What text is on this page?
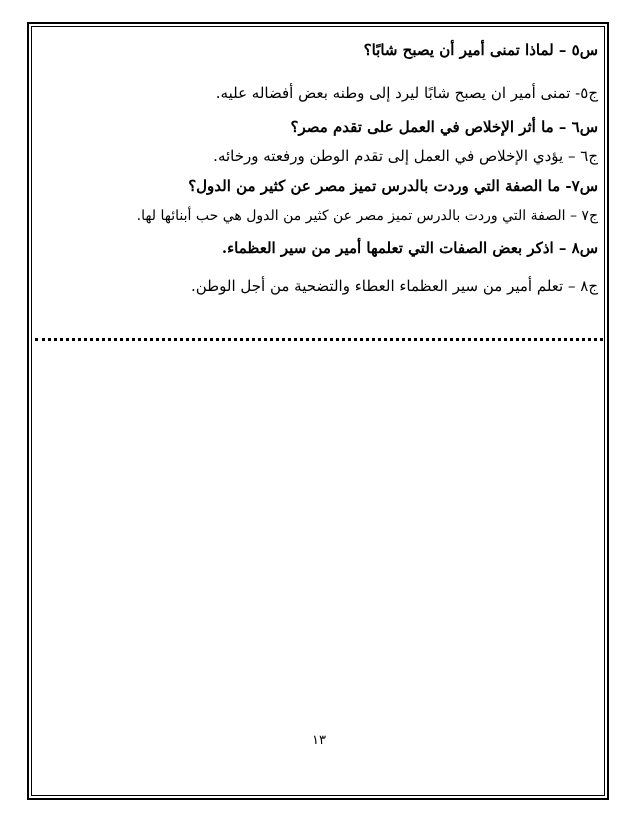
س٥ – لماذا تمنى أمير أن يصبح شابًا؟
ج٥- تمنى أمير ان يصبح شابًا ليرد إلى وطنه بعض أفضاله عليه.
س٦ – ما أثر الإخلاص في العمل على تقدم مصر؟
ج٦ – يؤدي الإخلاص في العمل إلى تقدم الوطن ورفعته ورخائه.
س٧- ما الصفة التي وردت بالدرس تميز مصر عن كثير من الدول؟
ج٧ – الصفة التي وردت بالدرس تميز مصر عن كثير من الدول هي حب أبنائها لها.
س٨ – اذكر بعض الصفات التي تعلمها أمير من سير العظماء.
ج٨ – تعلم أمير من سير العظماء العطاء والتضحية من أجل الوطن.
١٣
